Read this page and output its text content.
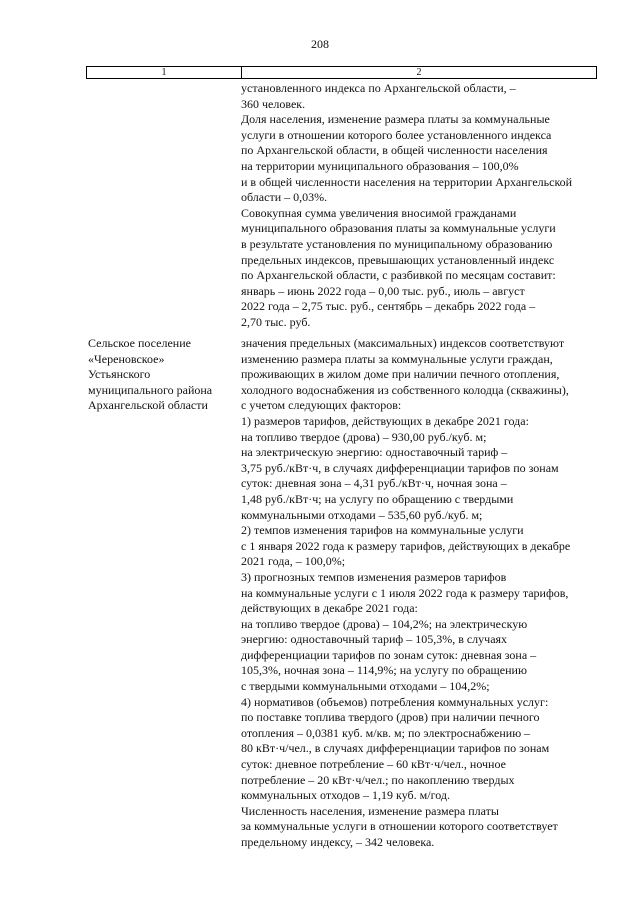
208
1	2
установленного индекса по Архангельской области, –
360 человек.
Доля населения, изменение размера платы за коммунальные
услуги в отношении которого более установленного индекса
по Архангельской области, в общей численности населения
на территории муниципального образования – 100,0%
и в общей численности населения на территории Архангельской
области – 0,03%.
Совокупная сумма увеличения вносимой гражданами
муниципального образования платы за коммунальные услуги
в результате установления по муниципальному образованию
предельных индексов, превышающих установленный индекс
по Архангельской области, с разбивкой по месяцам составит:
январь – июнь 2022 года – 0,00 тыс. руб., июль – август
2022 года – 2,75 тыс. руб., сентябрь – декабрь 2022 года –
2,70 тыс. руб.
Сельское поселение
«Череновское»
Устьянского
муниципального района
Архангельской области
значения предельных (максимальных) индексов соответствуют
изменению размера платы за коммунальные услуги граждан,
проживающих в жилом доме при наличии печного отопления,
холодного водоснабжения из собственного колодца (скважины),
с учетом следующих факторов:
1) размеров тарифов, действующих в декабре 2021 года:
на топливо твердое (дрова) – 930,00 руб./куб. м;
на электрическую энергию: одноставочный тариф –
3,75 руб./кВт·ч, в случаях дифференциации тарифов по зонам
суток: дневная зона – 4,31 руб./кВт·ч, ночная зона –
1,48 руб./кВт·ч; на услугу по обращению с твердыми
коммунальными отходами – 535,60 руб./куб. м;
2) темпов изменения тарифов на коммунальные услуги
с 1 января 2022 года к размеру тарифов, действующих в декабре
2021 года, – 100,0%;
3) прогнозных темпов изменения размеров тарифов
на коммунальные услуги с 1 июля 2022 года к размеру тарифов,
действующих в декабре 2021 года:
на топливо твердое (дрова) – 104,2%; на электрическую
энергию: одноставочный тариф – 105,3%, в случаях
дифференциации тарифов по зонам суток: дневная зона –
105,3%, ночная зона – 114,9%; на услугу по обращению
с твердыми коммунальными отходами – 104,2%;
4) нормативов (объемов) потребления коммунальных услуг:
по поставке топлива твердого (дров) при наличии печного
отопления – 0,0381 куб. м/кв. м; по электроснабжению –
80 кВт·ч/чел., в случаях дифференциации тарифов по зонам
суток: дневное потребление – 60 кВт·ч/чел., ночное
потребление – 20 кВт·ч/чел.; по накоплению твердых
коммунальных отходов – 1,19 куб. м/год.
Численность населения, изменение размера платы
за коммунальные услуги в отношении которого соответствует
предельному индексу, – 342 человека.
